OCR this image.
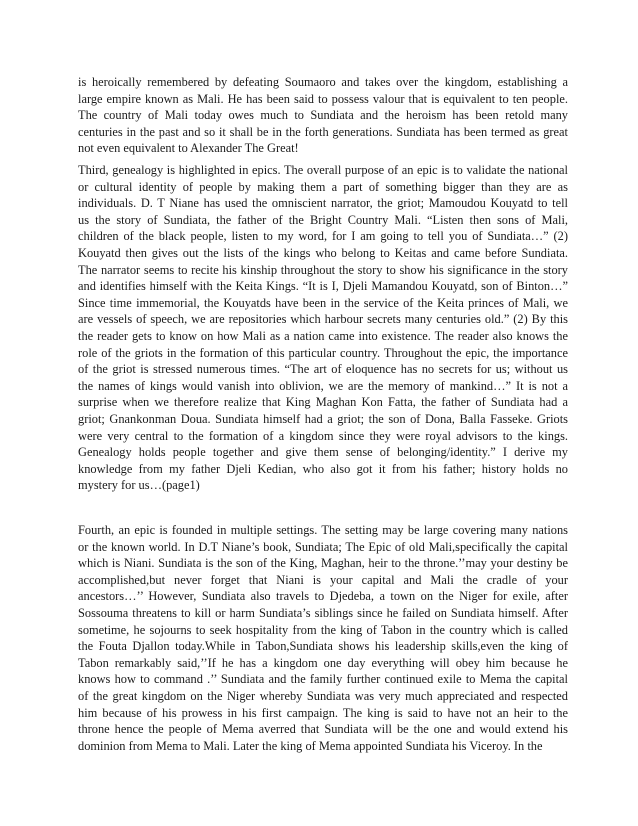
is heroically remembered by defeating Soumaoro and takes over the kingdom, establishing a
large empire known as Mali. He has been said to possess valour that is equivalent to ten people.
The country of Mali today owes much to Sundiata and the heroism has been retold many
centuries in the past and so it shall be in the forth generations. Sundiata has been termed as great
not even equivalent to Alexander The Great!

Third, genealogy is highlighted in epics. The overall purpose of an epic is to validate the national
or cultural identity of people by making them a part of something bigger than they are as
individuals. D. T Niane has used the omniscient narrator, the griot; Mamoudou Kouyatd to tell
us the story of Sundiata, the father of the Bright Country Mali. “Listen then sons of Mali,
children of the black people, listen to my word, for I am going to tell you of Sundiata…” (2)
Kouyatd then gives out the lists of the kings who belong to Keitas and came before Sundiata.
The narrator seems to recite his kinship throughout the story to show his significance in the story
and identifies himself with the Keita Kings. “It is I, Djeli Mamandou Kouyatd, son of Binton…”
Since time immemorial, the Kouyatds have been in the service of the Keita princes of Mali, we
are vessels of speech, we are repositories which harbour secrets many centuries old.” (2) By this
the reader gets to know on how Mali as a nation came into existence. The reader also knows the
role of the griots in the formation of this particular country. Throughout the epic, the importance
of the griot is stressed numerous times. “The art of eloquence has no secrets for us; without us
the names of kings would vanish into oblivion, we are the memory of mankind…” It is not a
surprise when we therefore realize that King Maghan Kon Fatta, the father of Sundiata had a
griot; Gnankonman Doua. Sundiata himself had a griot; the son of Dona, Balla Fasseke. Griots
were very central to the formation of a kingdom since they were royal advisors to the kings.
Genealogy holds people together and give them sense of belonging/identity.” I derive my
knowledge from my father Djeli Kedian, who also got it from his father; history holds no
mystery for us…(page1)

Fourth, an epic is founded in multiple settings. The setting may be large covering many nations
or the known world. In D.T Niane’s book, Sundiata; The Epic of old Mali,specifically the capital
which is Niani. Sundiata is the son of the King, Maghan, heir to the throne.’’may your destiny be
accomplished,but never forget that Niani is your capital and Mali the cradle of your
ancestors…’’ However, Sundiata also travels to Djedeba, a town on the Niger for exile, after
Sossouma threatens to kill or harm Sundiata’s siblings since he failed on Sundiata himself. After
sometime, he sojourns to seek hospitality from the king of Tabon in the country which is called
the Fouta Djallon today.While in Tabon,Sundiata shows his leadership skills,even the king of
Tabon remarkably said,’’If he has a kingdom one day everything will obey him because he
knows how to command .’’ Sundiata and the family further continued exile to Mema the capital
of the great kingdom on the Niger whereby Sundiata was very much appreciated and respected
him because of his prowess in his first campaign. The king is said to have not an heir to the
throne hence the people of Mema averred that Sundiata will be the one and would extend his
dominion from Mema to Mali. Later the king of Mema appointed Sundiata his Viceroy. In the
